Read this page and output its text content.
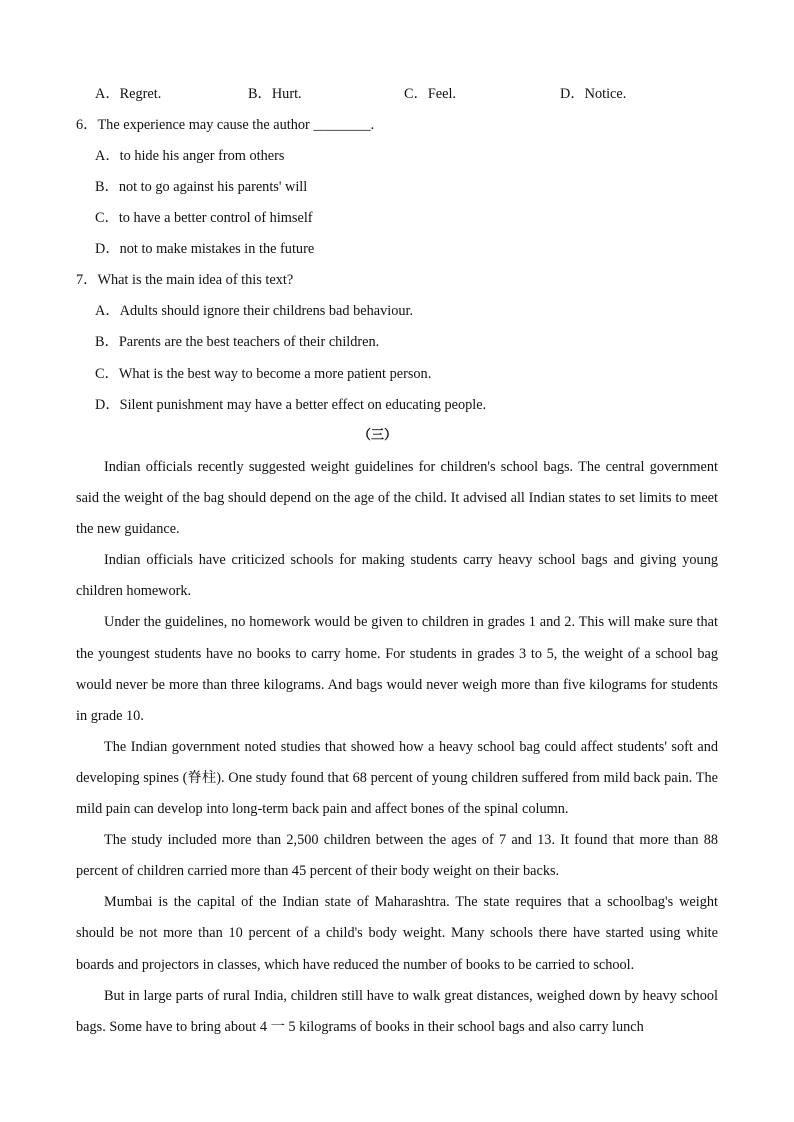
A．Regret.	B．Hurt.	C．Feel.	D．Notice.
6．The experience may cause the author ________.
A．to hide his anger from others
B．not to go against his parents' will
C．to have a better control of himself
D．not to make mistakes in the future
7．What is the main idea of this text?
A．Adults should ignore their childrens bad behaviour.
B．Parents are the best teachers of their children.
C．What is the best way to become a more patient person.
D．Silent punishment may have a better effect on educating people.
（三）

Indian officials recently suggested weight guidelines for children's school bags. The central government said the weight of the bag should depend on the age of the child. It advised all Indian states to set limits to meet the new guidance.

Indian officials have criticized schools for making students carry heavy school bags and giving young children homework.

Under the guidelines, no homework would be given to children in grades 1 and 2. This will make sure that the youngest students have no books to carry home. For students in grades 3 to 5, the weight of a school bag would never be more than three kilograms. And bags would never weigh more than five kilograms for students in grade 10.

The Indian government noted studies that showed how a heavy school bag could affect students' soft and developing spines (脊柱). One study found that 68 percent of young children suffered from mild back pain. The mild pain can develop into long-term back pain and affect bones of the spinal column.

The study included more than 2,500 children between the ages of 7 and 13. It found that more than 88 percent of children carried more than 45 percent of their body weight on their backs.

Mumbai is the capital of the Indian state of Maharashtra. The state requires that a schoolbag's weight should be not more than 10 percent of a child's body weight. Many schools there have started using white boards and projectors in classes, which have reduced the number of books to be carried to school.

But in large parts of rural India, children still have to walk great distances, weighed down by heavy school bags. Some have to bring about 4 一 5 kilograms of books in their school bags and also carry lunch
